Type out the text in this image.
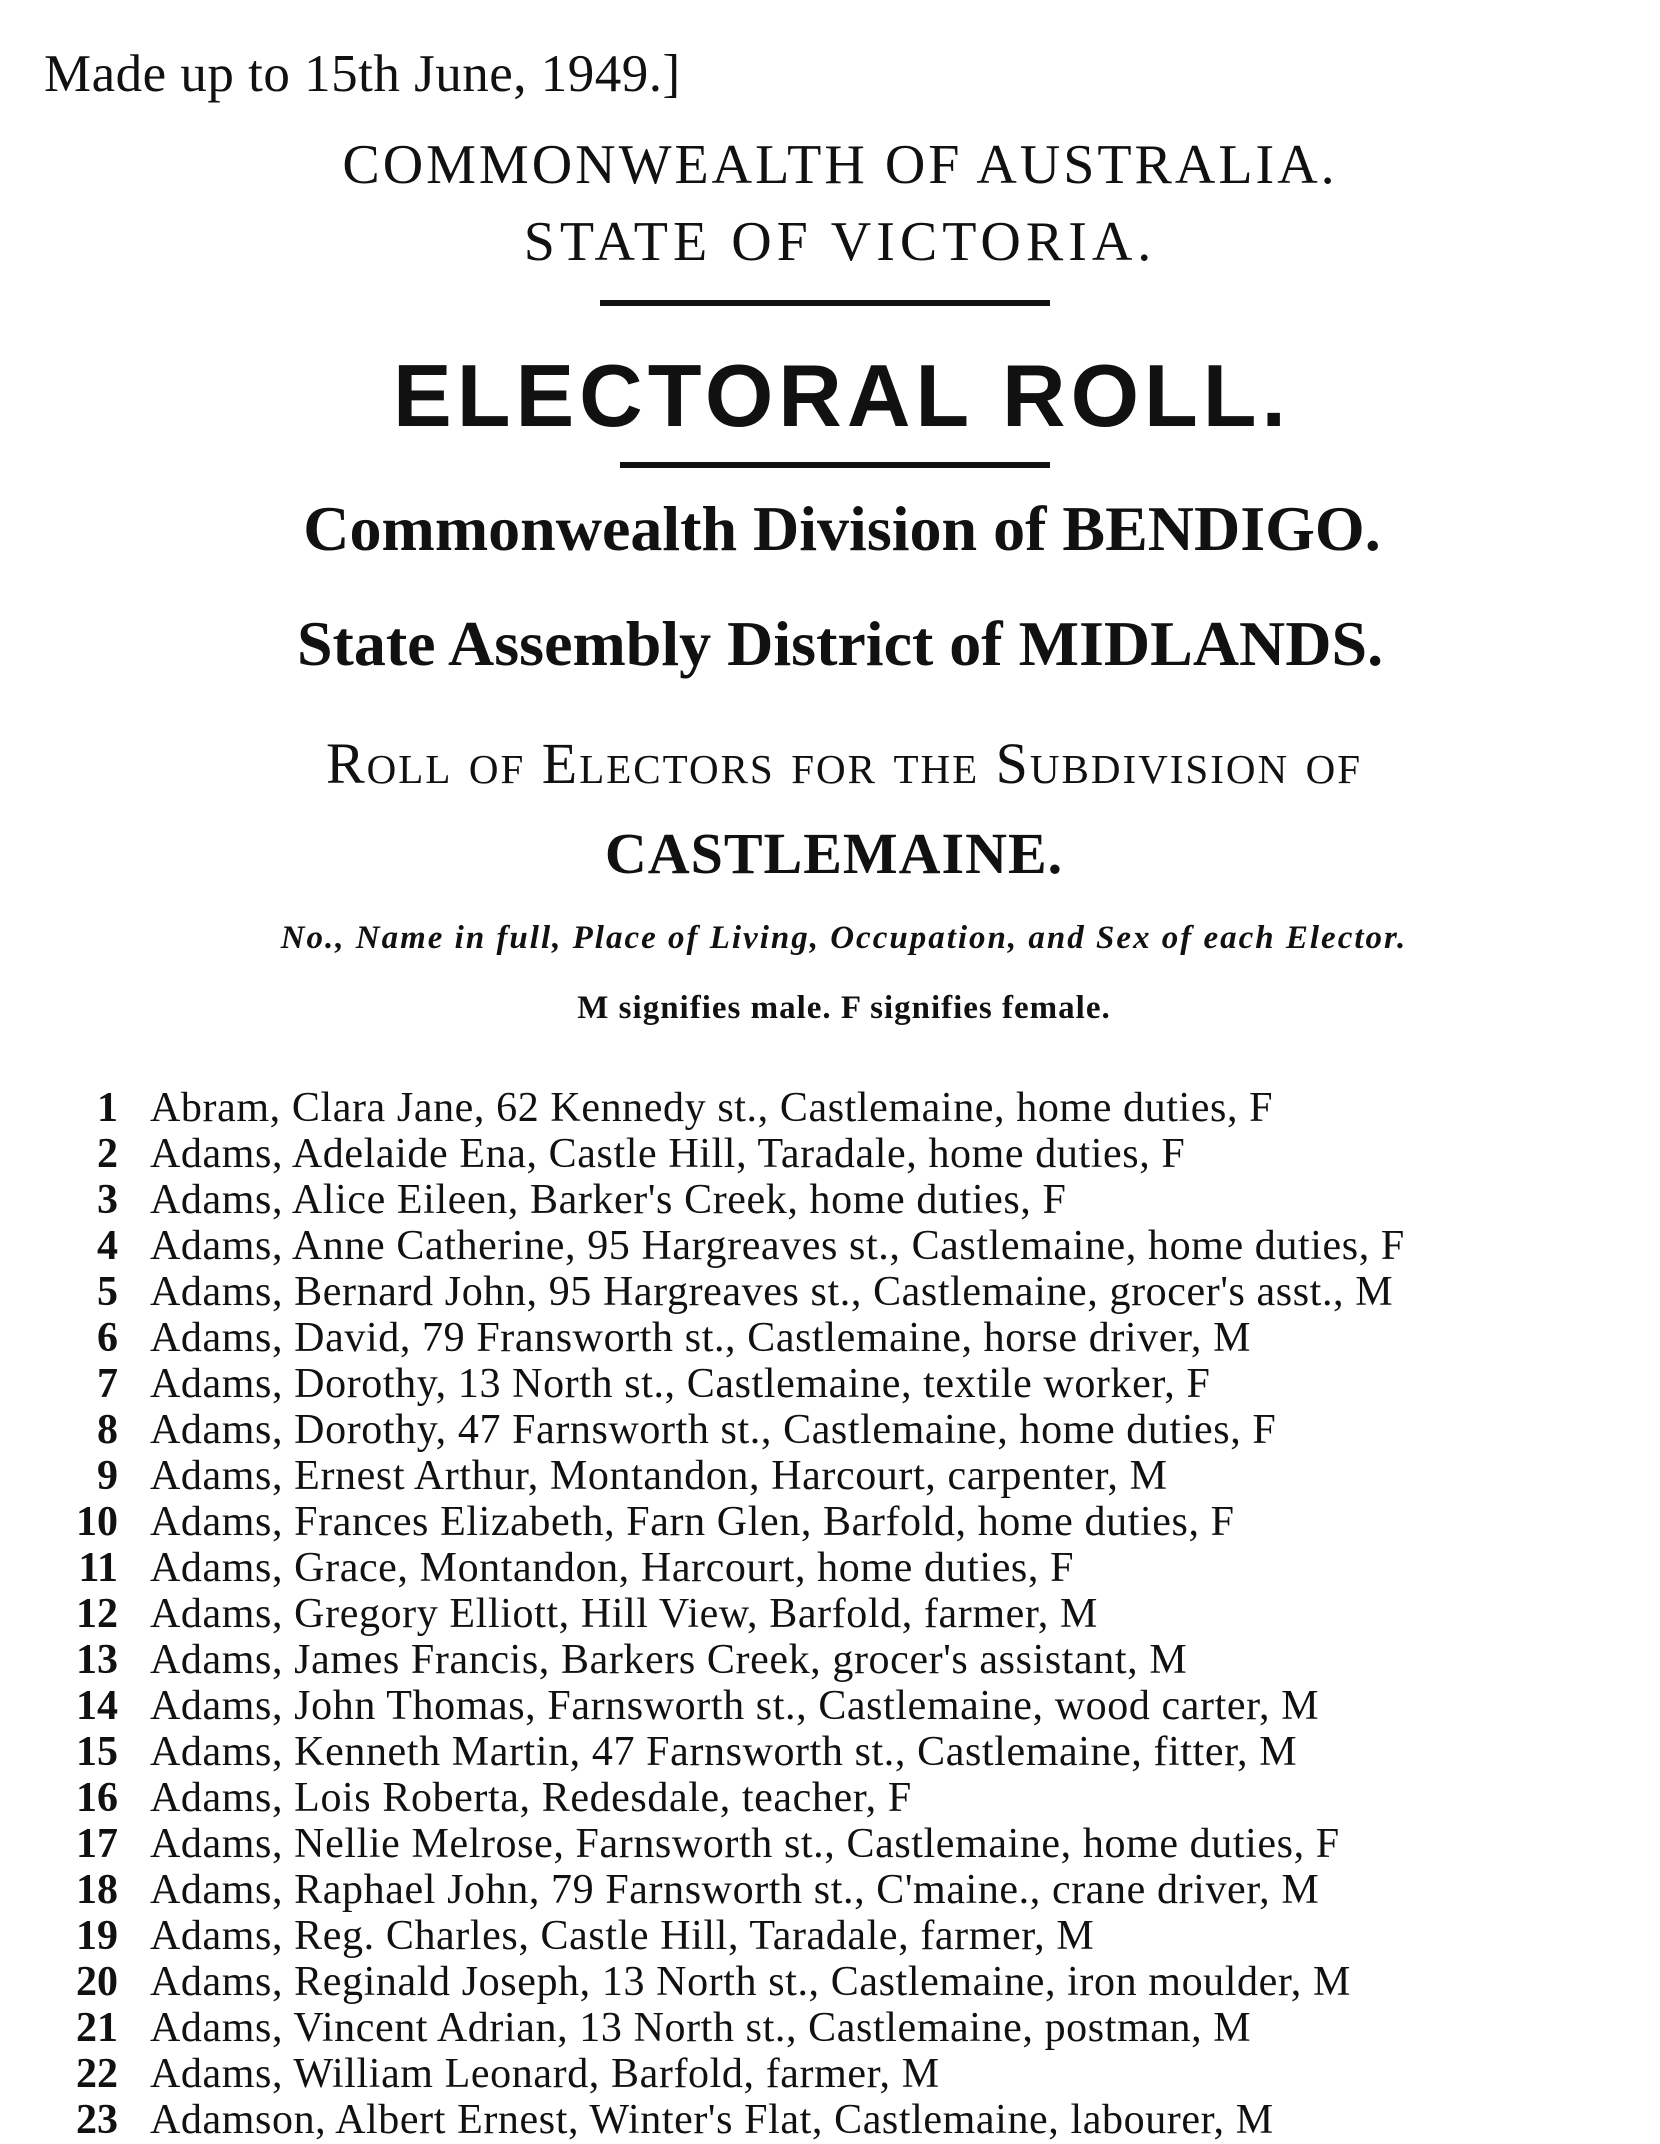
Made up to 15th June, 1949.]
COMMONWEALTH OF AUSTRALIA.
STATE OF VICTORIA.
ELECTORAL ROLL.
Commonwealth Division of BENDIGO.
State Assembly District of MIDLANDS.
Roll of Electors for the Subdivision of
CASTLEMAINE.
No., Name in full, Place of Living, Occupation, and Sex of each Elector.
M signifies male. F signifies female.
1 Abram, Clara Jane, 62 Kennedy st., Castlemaine, home duties, F
2 Adams, Adelaide Ena, Castle Hill, Taradale, home duties, F
3 Adams, Alice Eileen, Barker's Creek, home duties, F
4 Adams, Anne Catherine, 95 Hargreaves st., Castlemaine, home duties, F
5 Adams, Bernard John, 95 Hargreaves st., Castlemaine, grocer's asst., M
6 Adams, David, 79 Fransworth st., Castlemaine, horse driver, M
7 Adams, Dorothy, 13 North st., Castlemaine, textile worker, F
8 Adams, Dorothy, 47 Farnsworth st., Castlemaine, home duties, F
9 Adams, Ernest Arthur, Montandon, Harcourt, carpenter, M
10 Adams, Frances Elizabeth, Farn Glen, Barfold, home duties, F
11 Adams, Grace, Montandon, Harcourt, home duties, F
12 Adams, Gregory Elliott, Hill View, Barfold, farmer, M
13 Adams, James Francis, Barkers Creek, grocer's assistant, M
14 Adams, John Thomas, Farnsworth st., Castlemaine, wood carter, M
15 Adams, Kenneth Martin, 47 Farnsworth st., Castlemaine, fitter, M
16 Adams, Lois Roberta, Redesdale, teacher, F
17 Adams, Nellie Melrose, Farnsworth st., Castlemaine, home duties, F
18 Adams, Raphael John, 79 Farnsworth st., C'maine., crane driver, M
19 Adams, Reg. Charles, Castle Hill, Taradale, farmer, M
20 Adams, Reginald Joseph, 13 North st., Castlemaine, iron moulder, M
21 Adams, Vincent Adrian, 13 North st., Castlemaine, postman, M
22 Adams, William Leonard, Barfold, farmer, M
23 Adamson, Albert Ernest, Winter's Flat, Castlemaine, labourer, M
